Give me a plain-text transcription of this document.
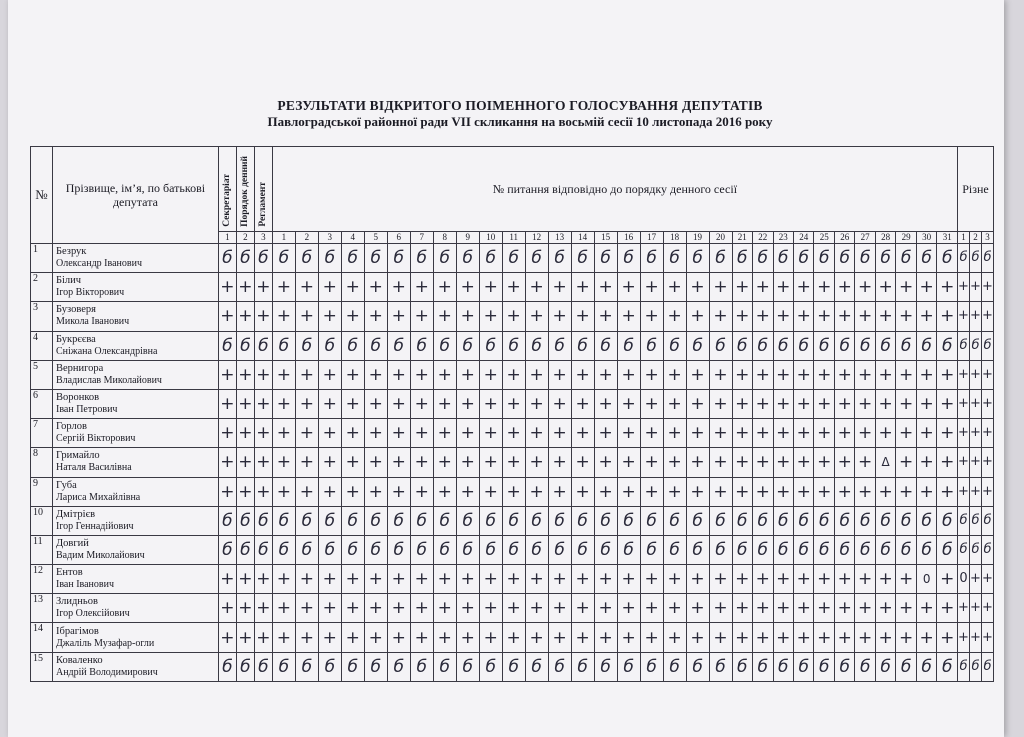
РЕЗУЛЬТАТИ ВІДКРИТОГО ПОІМЕННОГО ГОЛОСУВАННЯ ДЕПУТАТІВ
Павлоградської районної ради VII скликання на восьмій сесії 10 листопада 2016 року
№	Прізвище, ім’я, по батькові депутата	Секретаріат	Порядок денний	Регламент	№ питання відповідно до порядку денного сесії																															Різне		
		1	2	3	1	2	3	4	5	6	7	8	9	10	11	12	13	14	15	16	17	18	19	20	21	22	23	24	25	26	27	28	29	30	31	1	2	3
1	Безрук
Олександр Іванович	б	б	б	б	б	б	б	б	б	б	б	б	б	б	б	б	б	б	б	б	б	б	б	б	б	б	б	б	б	б	б	б	б	б	б	б	б
2	Білич
Ігор Вікторович	+	+	+	+	+	+	+	+	+	+	+	+	+	+	+	+	+	+	+	+	+	+	+	+	+	+	+	+	+	+	+	+	+	+	+	+	+
3	Бузоверя
Микола Іванович	+	+	+	+	+	+	+	+	+	+	+	+	+	+	+	+	+	+	+	+	+	+	+	+	+	+	+	+	+	+	+	+	+	+	+	+	+
4	Букрєєва
Сніжана Олександрівна	б	б	б	б	б	б	б	б	б	б	б	б	б	б	б	б	б	б	б	б	б	б	б	б	б	б	б	б	б	б	б	б	б	б	б	б	б
5	Вернигора
Владислав Миколайович	+	+	+	+	+	+	+	+	+	+	+	+	+	+	+	+	+	+	+	+	+	+	+	+	+	+	+	+	+	+	+	+	+	+	+	+	+
6	Воронков
Іван Петрович	+	+	+	+	+	+	+	+	+	+	+	+	+	+	+	+	+	+	+	+	+	+	+	+	+	+	+	+	+	+	+	+	+	+	+	+	+
7	Горлов
Сергій Вікторович	+	+	+	+	+	+	+	+	+	+	+	+	+	+	+	+	+	+	+	+	+	+	+	+	+	+	+	+	+	+	+	+	+	+	+	+	+
8	Гримайло
Наталя Василівна	+	+	+	+	+	+	+	+	+	+	+	+	+	+	+	+	+	+	+	+	+	+	+	+	+	+	+	+	+	+	Δ	+	+	+	+	+	+
9	Губа
Лариса Михайлівна	+	+	+	+	+	+	+	+	+	+	+	+	+	+	+	+	+	+	+	+	+	+	+	+	+	+	+	+	+	+	+	+	+	+	+	+	+
10	Дмітрієв
Ігор Геннадійович	б	б	б	б	б	б	б	б	б	б	б	б	б	б	б	б	б	б	б	б	б	б	б	б	б	б	б	б	б	б	б	б	б	б	б	б	б
11	Довгий
Вадим Миколайович	б	б	б	б	б	б	б	б	б	б	б	б	б	б	б	б	б	б	б	б	б	б	б	б	б	б	б	б	б	б	б	б	б	б	б	б	б
12	Ентов
Іван Іванович	+	+	+	+	+	+	+	+	+	+	+	+	+	+	+	+	+	+	+	+	+	+	+	+	+	+	+	+	+	+	+	+	0	+	0	+	+
13	Злидньов
Ігор Олексійович	+	+	+	+	+	+	+	+	+	+	+	+	+	+	+	+	+	+	+	+	+	+	+	+	+	+	+	+	+	+	+	+	+	+	+	+	+
14	Ібрагімов
Джаліль Музафар-огли	+	+	+	+	+	+	+	+	+	+	+	+	+	+	+	+	+	+	+	+	+	+	+	+	+	+	+	+	+	+	+	+	+	+	+	+	+
15	Коваленко
Андрій Володимирович	б	б	б	б	б	б	б	б	б	б	б	б	б	б	б	б	б	б	б	б	б	б	б	б	б	б	б	б	б	б	б	б	б	б	б	б	б
